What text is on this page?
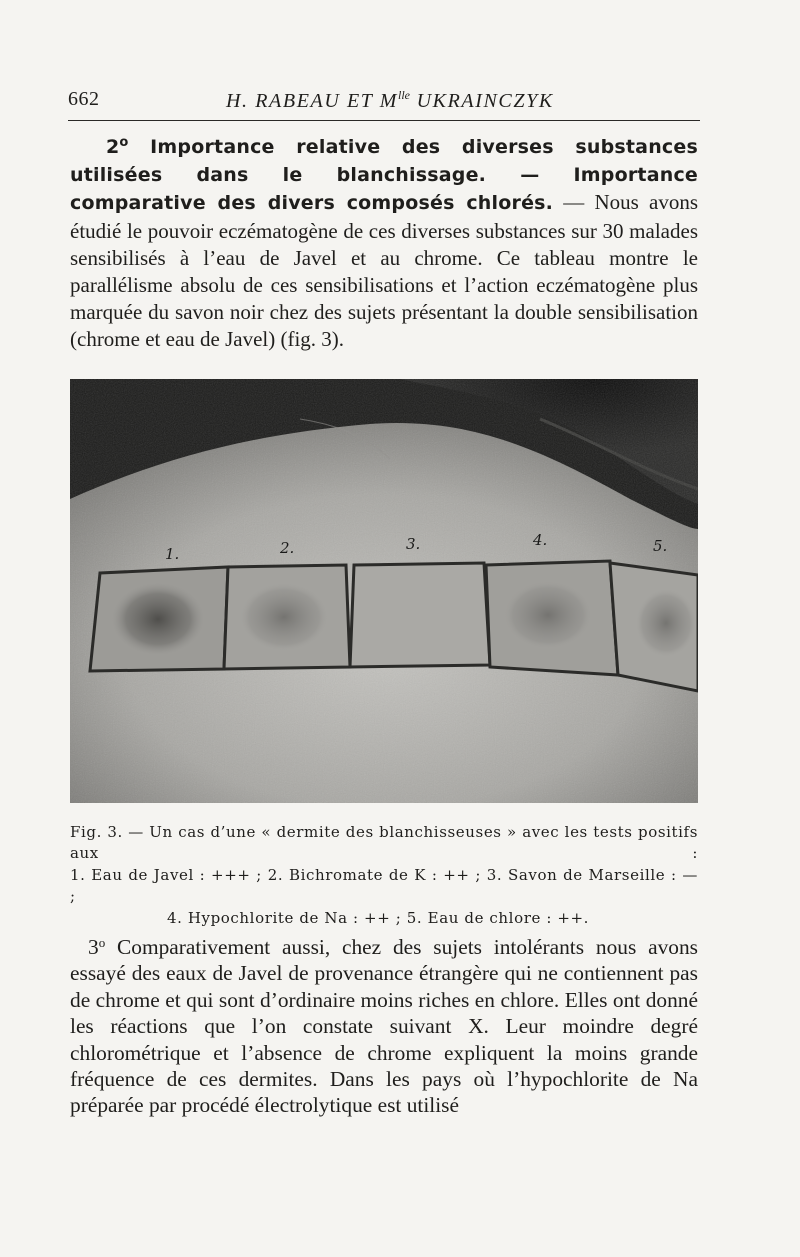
662	H. RABEAU ET $M^{lle}$ UKRAINCZYK

2$^o$ Importance relative des diverses substances utilisées dans le blanchissage. — Importance comparative des divers composés chlorés. — Nous avons étudié le pouvoir eczématogène de ces diverses substances sur 30 malades sensibilisés à l’eau de Javel et au chrome. Ce tableau montre le parallélisme absolu de ces sensibilisations et l’action eczématogène plus marquée du savon noir chez des sujets présentant la double sensibilisation (chrome et eau de Javel) (fig. 3).

1.	2.	3.	4.	5.

Fig. 3. — Un cas d’une « dermite des blanchisseuses » avec les tests positifs aux :
1. Eau de Javel : +++ ; 2. Bichromate de K : ++ ; 3. Savon de Marseille : — ;
4. Hypochlorite de Na : ++ ; 5. Eau de chlore : ++.

3$^o$ Comparativement aussi, chez des sujets intolérants nous avons essayé des eaux de Javel de provenance étrangère qui ne contiennent pas de chrome et qui sont d’ordinaire moins riches en chlore. Elles ont donné les réactions que l’on constate suivant X. Leur moindre degré chlorométrique et l’absence de chrome expliquent la moins grande fréquence de ces dermites. Dans les pays où l’hypochlorite de Na préparée par procédé électrolytique est utilisé
